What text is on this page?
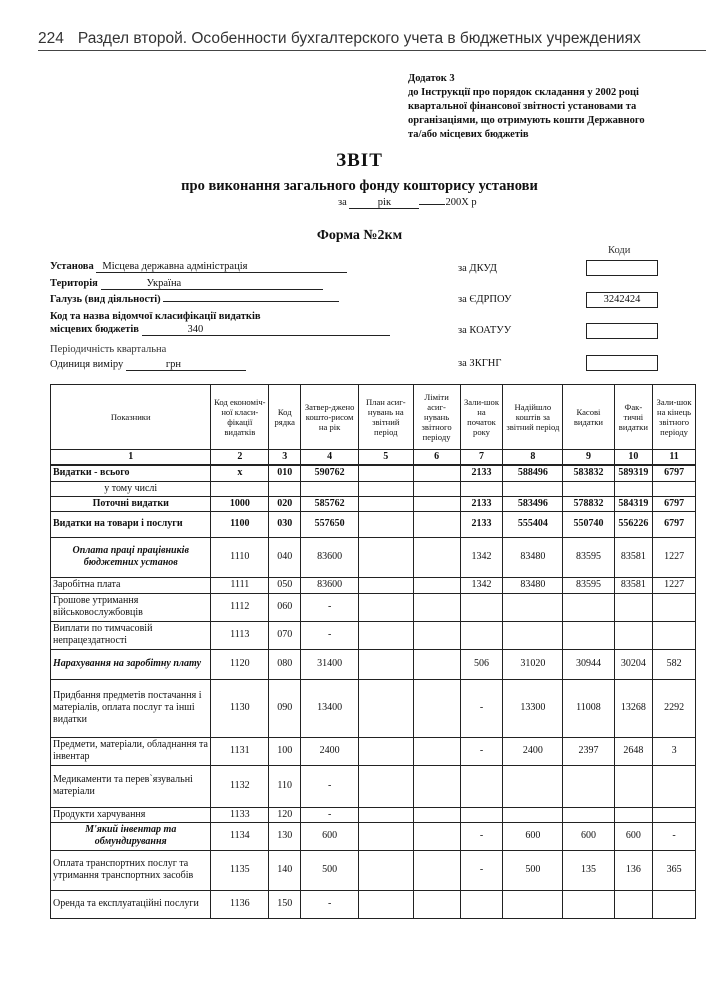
224 Раздел второй. Особенности бухгалтерского учета в бюджетных учреждениях
Додаток 3
до Інструкції про порядок складання у 2002 році
квартальної фінансової звітності установами та
організаціями, що отримують кошти Державного
та/або місцевих бюджетів
ЗВІТ
про виконання загального фонду кошторису установи
за	рік	200Х р
Форма №2км
Коди
Установа Місцева державна адміністрація
Територія	Україна
Галузь (вид діяльності)
Код та назва відомчої класифікації видатків
місцевих бюджетів	340
Періодичність квартальна
Одиниця виміру	грн
за ДКУД
за ЄДРПОУ	3242424
за КОАТУУ
за ЗКГНГ
Показники	Код економіч-ної класи-фікації видатків	Код рядка	Затвер-джено кошто-рисом на рік	План асиг-нувань на звітний період	Ліміти асиг-нувань звітного періоду	Зали-шок на початок року	Надійшло коштів за звітний період	Касові видатки	Фак-тичні видатки	Зали-шок на кінець звітного періоду
1	2	3	4	5	6	7	8	9	10	11
Видатки - всього	х	010	590762			2133	588496	583832	589319	6797
у тому числі										
Поточні видатки	1000	020	585762			2133	583496	578832	584319	6797
Видатки на товари і послуги	1100	030	557650			2133	555404	550740	556226	6797
Оплата праці працівників бюджетних установ	1110	040	83600			1342	83480	83595	83581	1227
Заробітна плата	1111	050	83600			1342	83480	83595	83581	1227
Грошове утримання військовослужбовців	1112	060	-							
Виплати по тимчасовій непрацездатності	1113	070	-							
Нарахування на заробітну плату	1120	080	31400			506	31020	30944	30204	582
Придбання предметів постачання і матеріалів, оплата послуг та інші видатки	1130	090	13400			-	13300	11008	13268	2292
Предмети, матеріали, обладнання та інвентар	1131	100	2400			-	2400	2397	2648	3
Медикаменти та перев`язувальні матеріали	1132	110	-							
Продукти харчування	1133	120	-							
М'який інвентар та обмундирування	1134	130	600			-	600	600	600	-
Оплата транспортних послуг та утримання транспортних засобів	1135	140	500			-	500	135	136	365
Оренда та експлуатаційні послуги	1136	150	-							
